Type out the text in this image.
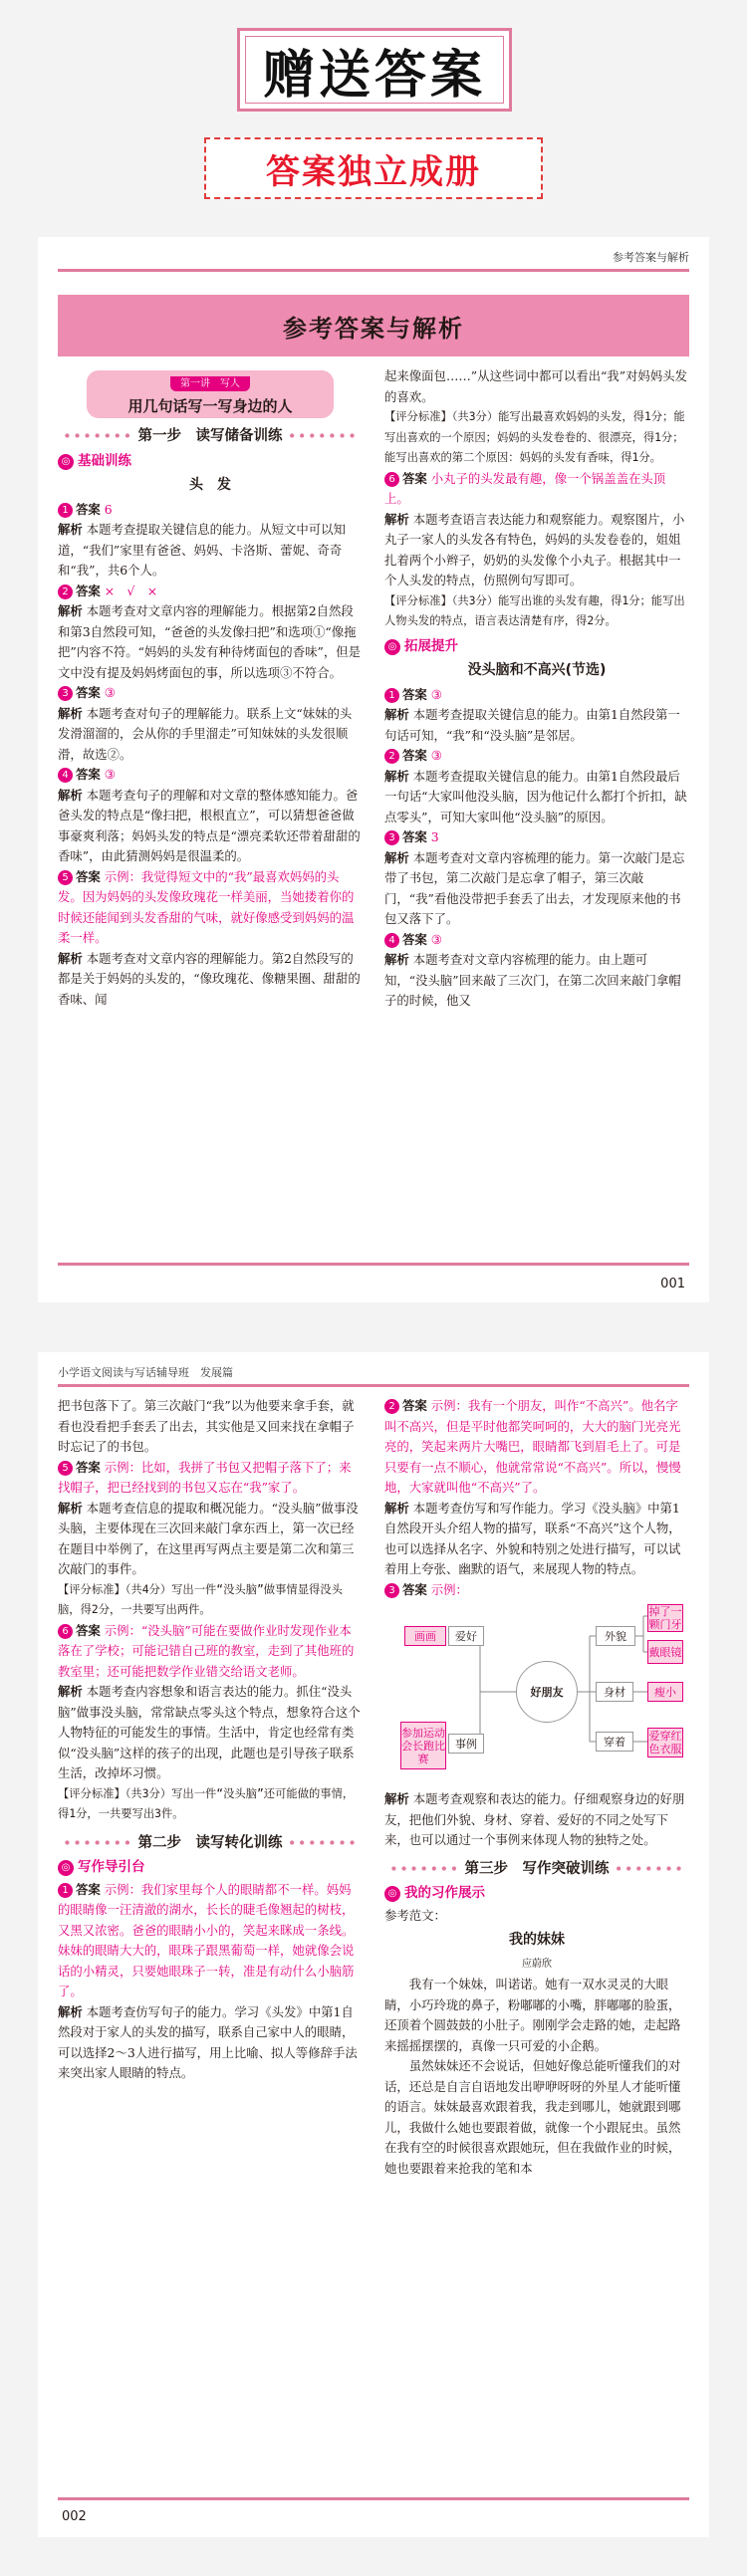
赠送答案
答案独立成册
参考答案与解析
参考答案与解析
第一讲　写人
用几句话写一写身边的人
∙∙∙∙∙∙∙ 第一步　读写储备训练 ∙∙∙∙∙∙∙
◎ 基础训练
头　发

1 答案 6

解析 本题考查提取关键信息的能力。从短文中可以知道，“我们”家里有爸爸、妈妈、卡洛斯、蕾妮、奇奇和“我”，共6个人。

2 答案 ×　√　×

解析 本题考查对文章内容的理解能力。根据第2自然段和第3自然段可知，“爸爸的头发像扫把”和选项①“像拖把”内容不符。“妈妈的头发有种待烤面包的香味”，但是文中没有提及妈妈烤面包的事，所以选项③不符合。

3 答案 ③

解析 本题考查对句子的理解能力。联系上文“妹妹的头发滑溜溜的，会从你的手里溜走”可知妹妹的头发很顺滑，故选②。

4 答案 ③

解析 本题考查句子的理解和对文章的整体感知能力。爸爸头发的特点是“像扫把，根根直立”，可以猜想爸爸做事豪爽利落；妈妈头发的特点是“漂亮柔软还带着甜甜的香味”，由此猜测妈妈是很温柔的。

5 答案 示例：我觉得短文中的“我”最喜欢妈妈的头发。因为妈妈的头发像玫瑰花一样美丽，当她搂着你的时候还能闻到头发香甜的气味，就好像感受到妈妈的温柔一样。

解析 本题考查对文章内容的理解能力。第2自然段写的都是关于妈妈的头发的，“像玫瑰花、像糖果圈、甜甜的香味、闻

起来像面包……”从这些词中都可以看出“我”对妈妈头发的喜欢。

【评分标准】（共3分）能写出最喜欢妈妈的头发，得1分；能写出喜欢的一个原因；妈妈的头发卷卷的、很漂亮，得1分；能写出喜欢的第二个原因：妈妈的头发有香味，得1分。

6 答案 小丸子的头发最有趣，像一个锅盖盖在头顶上。

解析 本题考查语言表达能力和观察能力。观察图片，小丸子一家人的头发各有特色，妈妈的头发卷卷的，姐姐扎着两个小辫子，奶奶的头发像个小丸子。根据其中一个人头发的特点，仿照例句写即可。

【评分标准】（共3分）能写出谁的头发有趣，得1分；能写出人物头发的特点，语言表达清楚有序，得2分。

◎ 拓展提升
没头脑和不高兴(节选)

1 答案 ③

解析 本题考查提取关键信息的能力。由第1自然段第一句话可知，“我”和“没头脑”是邻居。

2 答案 ③

解析 本题考查提取关键信息的能力。由第1自然段最后一句话“大家叫他没头脑，因为他记什么都打个折扣，缺点零头”，可知大家叫他“没头脑”的原因。

3 答案 3

解析 本题考查对文章内容梳理的能力。第一次敲门是忘带了书包，第二次敲门是忘拿了帽子，第三次敲门，“我”看他没带把手套丢了出去，才发现原来他的书包又落下了。

4 答案 ③

解析 本题考查对文章内容梳理的能力。由上题可知，“没头脑”回来敲了三次门，在第二次回来敲门拿帽子的时候，他又

001
小学语文阅读与写话辅导班　发展篇

把书包落下了。第三次敲门“我”以为他要来拿手套，就看也没看把手套丢了出去，其实他是又回来找在拿帽子时忘记了的书包。

5 答案 示例：比如，我拼了书包又把帽子落下了；来找帽子，把已经找到的书包又忘在“我”家了。

解析 本题考查信息的提取和概况能力。“没头脑”做事没头脑，主要体现在三次回来敲门拿东西上，第一次已经在题目中举例了，在这里再写两点主要是第二次和第三次敲门的事件。

【评分标准】（共4分）写出一件“没头脑”做事情显得没头脑，得2分，一共要写出两件。

6 答案 示例：“没头脑”可能在要做作业时发现作业本落在了学校；可能记错自己班的教室，走到了其他班的教室里；还可能把数学作业错交给语文老师。

解析 本题考查内容想象和语言表达的能力。抓住“没头脑”做事没头脑，常常缺点零头这个特点，想象符合这个人物特征的可能发生的事情。生活中，肯定也经常有类似“没头脑”这样的孩子的出现，此题也是引导孩子联系生活，改掉坏习惯。

【评分标准】（共3分）写出一件“没头脑”还可能做的事情，得1分，一共要写出3件。

∙∙∙∙∙∙∙ 第二步　读写转化训练 ∙∙∙∙∙∙∙
◎ 写作导引台

1 答案 示例：我们家里每个人的眼睛都不一样。妈妈的眼睛像一汪清澈的湖水，长长的睫毛像翘起的树枝，又黑又浓密。爸爸的眼睛小小的，笑起来眯成一条线。妹妹的眼睛大大的，眼珠子跟黑葡萄一样，她就像会说话的小精灵，只要她眼珠子一转，准是有动什么小脑筋了。

解析 本题考查仿写句子的能力。学习《头发》中第1自然段对于家人的头发的描写，联系自己家中人的眼睛，可以选择2～3人进行描写，用上比喻、拟人等修辞手法来突出家人眼睛的特点。

2 答案 示例：我有一个朋友，叫作“不高兴”。他名字叫不高兴，但是平时他都笑呵呵的，大大的脑门光亮光亮的，笑起来两片大嘴巴，眼睛都飞到眉毛上了。可是只要有一点不顺心，他就常常说“不高兴”。所以，慢慢地，大家就叫他“不高兴”了。

解析 本题考查仿写和写作能力。学习《没头脑》中第1自然段开头介绍人物的描写，联系“不高兴”这个人物，也可以选择从名字、外貌和特别之处进行描写，可以试着用上夸张、幽默的语气，来展现人物的特点。

3 答案 示例：

画画	爱好
好朋友
参加运动会长跑比赛
事例
外貌
身材
穿着
掉了一颗门牙
戴眼镜
瘦小
爱穿红色衣服

解析 本题考查观察和表达的能力。仔细观察身边的好朋友，把他们外貌、身材、穿着、爱好的不同之处写下来，也可以通过一个事例来体现人物的独特之处。

∙∙∙∙∙∙∙ 第三步　写作突破训练 ∙∙∙∙∙∙∙
◎ 我的习作展示

参考范文：

我的妹妹
应蔚欣

我有一个妹妹，叫诺诺。她有一双水灵灵的大眼睛，小巧玲珑的鼻子，粉嘟嘟的小嘴，胖嘟嘟的脸蛋，还顶着个圆鼓鼓的小肚子。刚刚学会走路的她，走起路来摇摇摆摆的，真像一只可爱的小企鹅。

虽然妹妹还不会说话，但她好像总能听懂我们的对话，还总是自言自语地发出咿咿呀呀的外星人才能听懂的语言。妹妹最喜欢跟着我，我走到哪儿，她就跟到哪儿，我做什么她也要跟着做，就像一个小跟屁虫。虽然在我有空的时候很喜欢跟她玩，但在我做作业的时候，她也要跟着来抢我的笔和本

002
